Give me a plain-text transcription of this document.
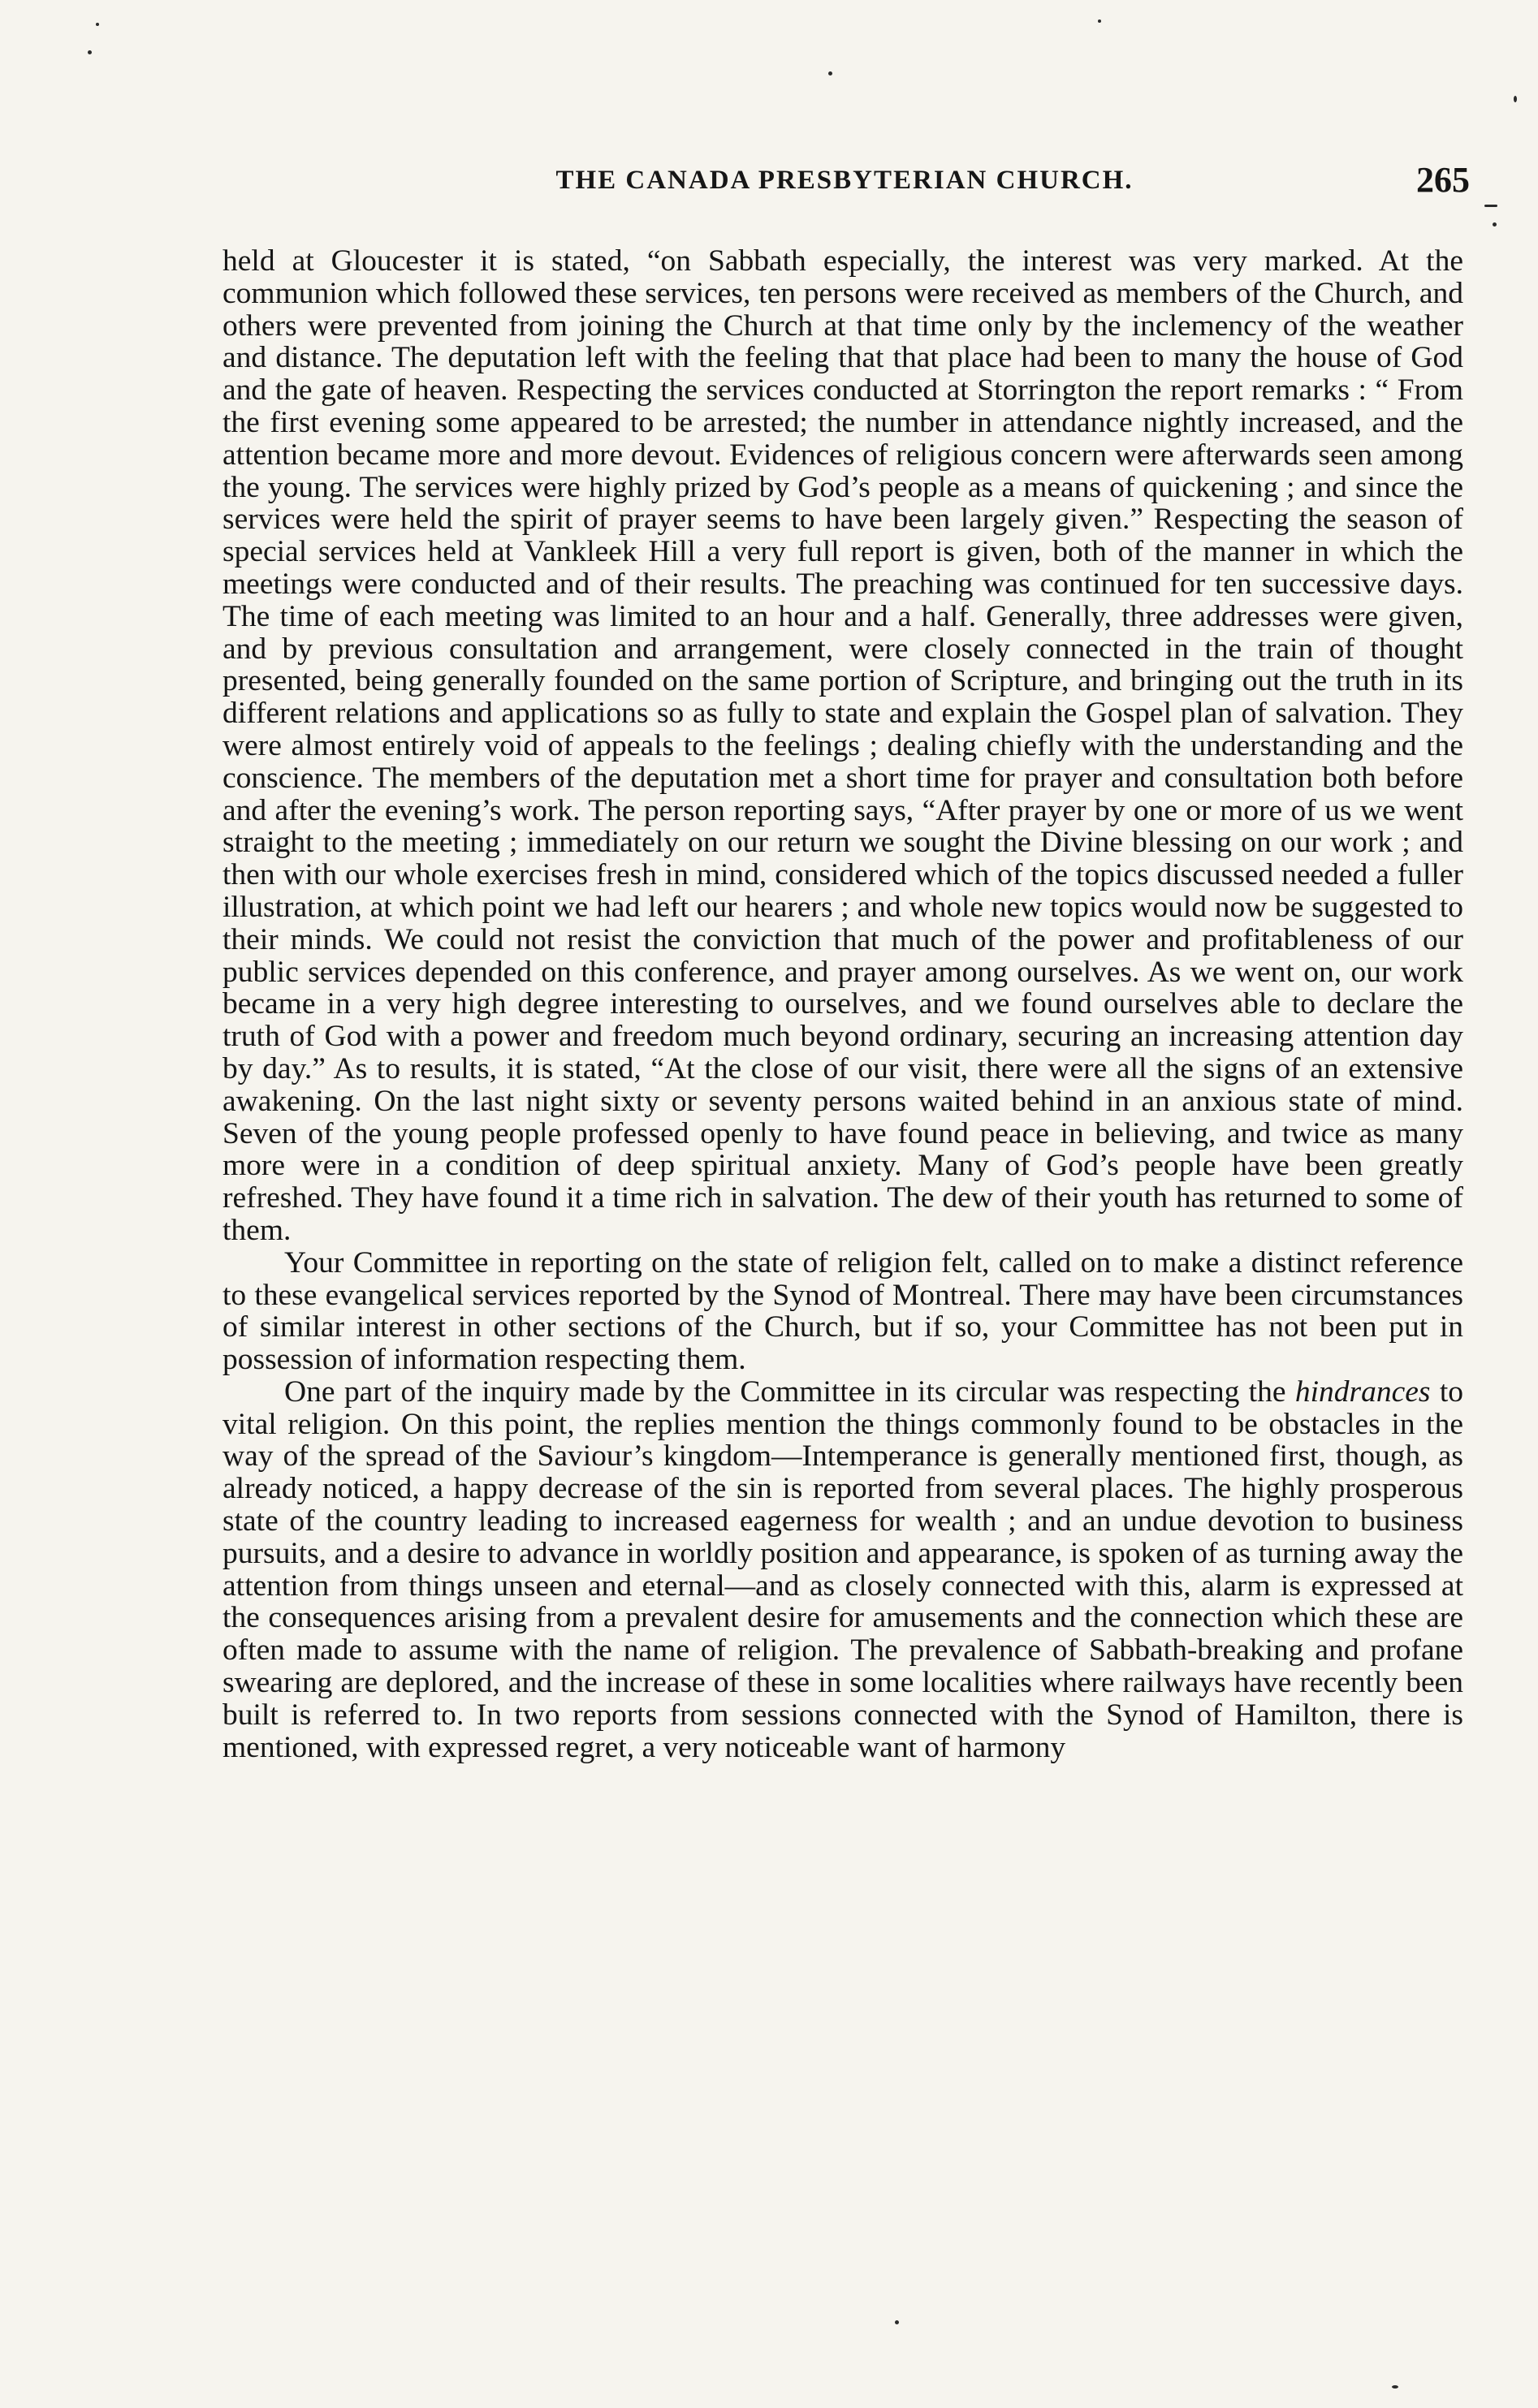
THE CANADA PRESBYTERIAN CHURCH.	265

held at Gloucester it is stated, “on Sabbath especially, the interest was very marked. At the communion which followed these services, ten persons were received as members of the Church, and others were prevented from joining the Church at that time only by the inclemency of the weather and distance. The deputation left with the feeling that that place had been to many the house of God and the gate of heaven. Respecting the services conducted at Storrington the report remarks : “ From the first evening some appeared to be arrested; the number in attendance nightly increased, and the attention became more and more devout. Evidences of religious concern were afterwards seen among the young. The services were highly prized by God’s people as a means of quickening ; and since the services were held the spirit of prayer seems to have been largely given.” Respecting the season of special services held at Vankleek Hill a very full report is given, both of the manner in which the meetings were conducted and of their results. The preaching was continued for ten successive days. The time of each meeting was limited to an hour and a half. Generally, three addresses were given, and by previous consultation and arrangement, were closely connected in the train of thought presented, being generally founded on the same portion of Scripture, and bringing out the truth in its different relations and applications so as fully to state and explain the Gospel plan of salvation. They were almost entirely void of appeals to the feelings ; dealing chiefly with the understanding and the conscience. The members of the deputation met a short time for prayer and consultation both before and after the evening’s work. The person reporting says, “After prayer by one or more of us we went straight to the meeting ; immediately on our return we sought the Divine blessing on our work ; and then with our whole exercises fresh in mind, considered which of the topics discussed needed a fuller illustration, at which point we had left our hearers ; and whole new topics would now be suggested to their minds. We could not resist the conviction that much of the power and profitableness of our public services depended on this conference, and prayer among ourselves. As we went on, our work became in a very high degree interesting to ourselves, and we found ourselves able to declare the truth of God with a power and freedom much beyond ordinary, securing an increasing attention day by day.” As to results, it is stated, “At the close of our visit, there were all the signs of an extensive awakening. On the last night sixty or seventy persons waited behind in an anxious state of mind. Seven of the young people professed openly to have found peace in believing, and twice as many more were in a condition of deep spiritual anxiety. Many of God’s people have been greatly refreshed. They have found it a time rich in salvation. The dew of their youth has returned to some of them.

Your Committee in reporting on the state of religion felt, called on to make a distinct reference to these evangelical services reported by the Synod of Montreal. There may have been circumstances of similar interest in other sections of the Church, but if so, your Committee has not been put in possession of information respecting them.

One part of the inquiry made by the Committee in its circular was respecting the hindrances to vital religion. On this point, the replies mention the things commonly found to be obstacles in the way of the spread of the Saviour’s kingdom—Intemperance is generally mentioned first, though, as already noticed, a happy decrease of the sin is reported from several places. The highly prosperous state of the country leading to increased eagerness for wealth ; and an undue devotion to business pursuits, and a desire to advance in worldly position and appearance, is spoken of as turning away the attention from things unseen and eternal—and as closely connected with this, alarm is expressed at the consequences arising from a prevalent desire for amusements and the connection which these are often made to assume with the name of religion. The prevalence of Sabbath-breaking and profane swearing are deplored, and the increase of these in some localities where railways have recently been built is referred to. In two reports from sessions connected with the Synod of Hamilton, there is mentioned, with expressed regret, a very noticeable want of harmony
